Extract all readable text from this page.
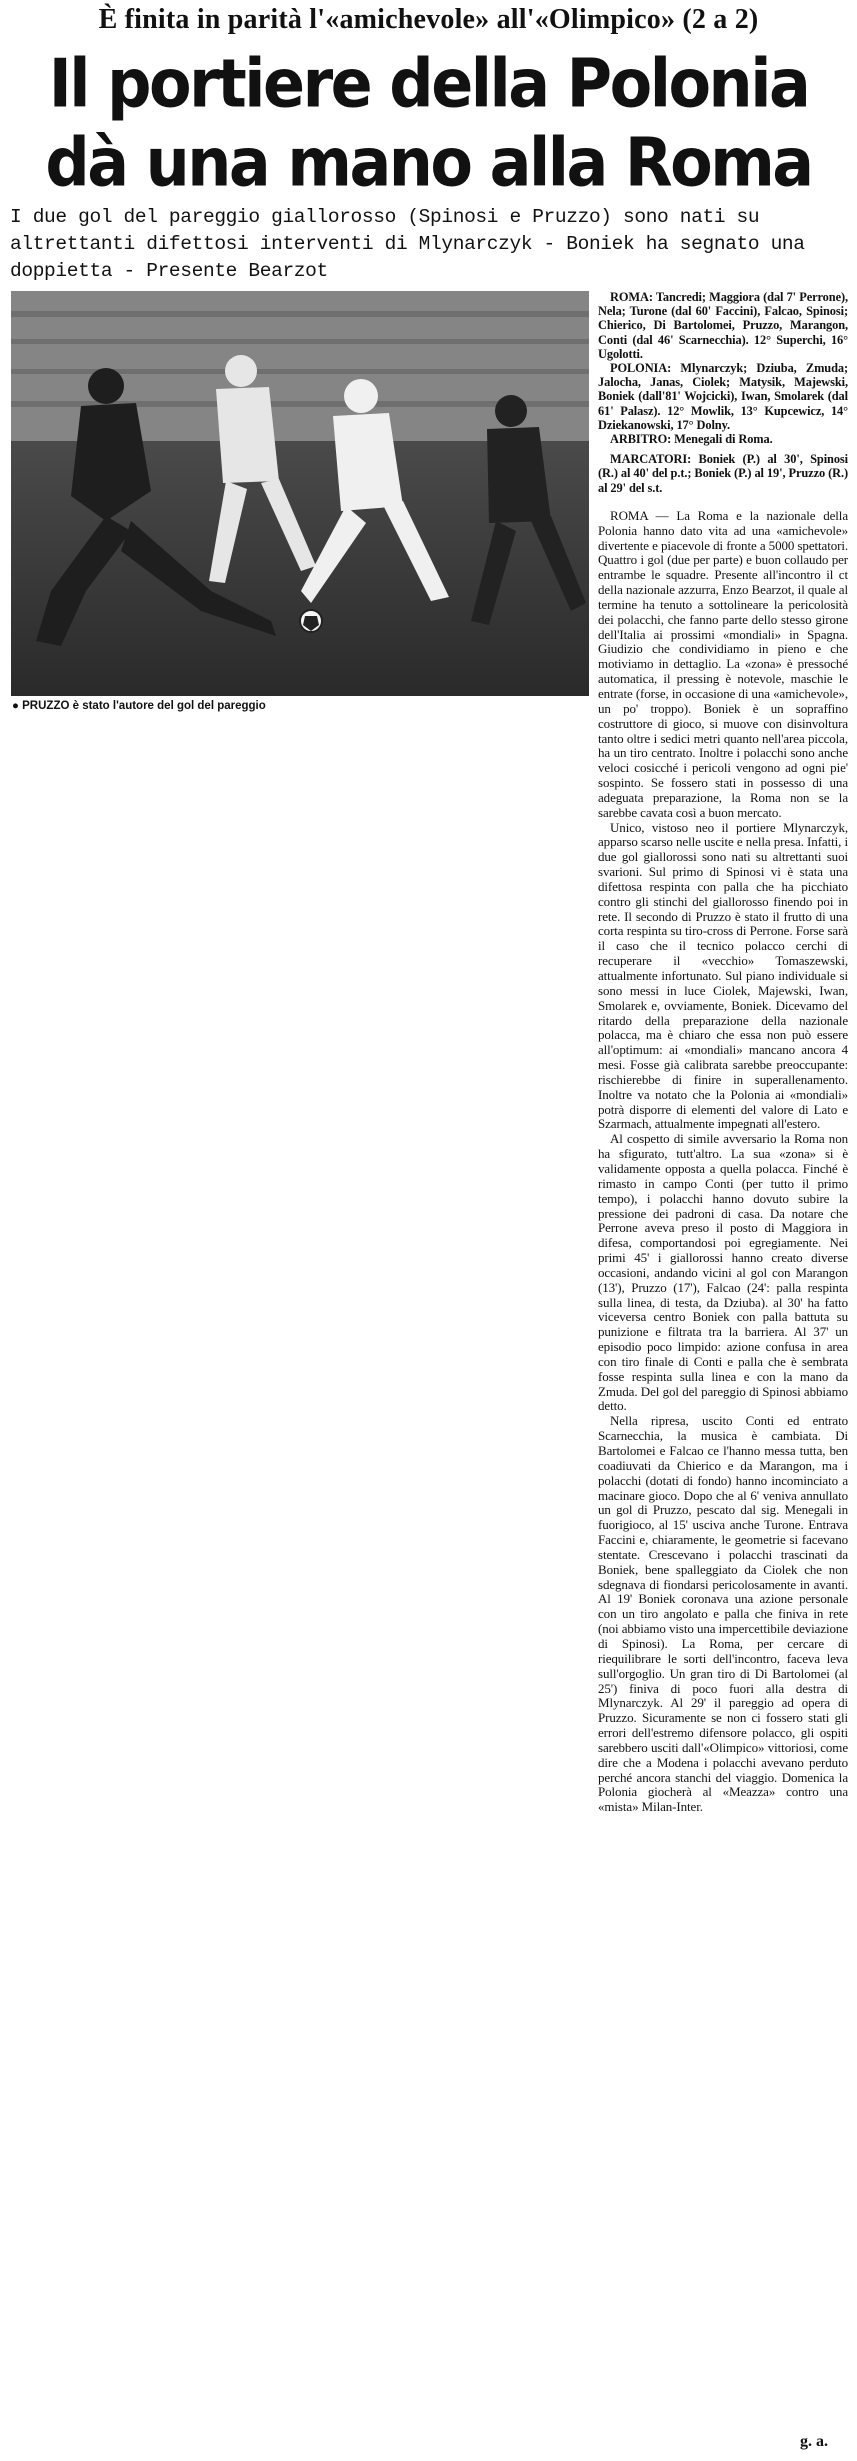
È finita in parità l'«amichevole» all'«Olimpico» (2 a 2)
Il portiere della Polonia
dà una mano alla Roma
I due gol del pareggio giallorosso (Spinosi e Pruzzo) sono nati su altrettanti difettosi interventi di Mlynarczyk - Boniek ha segnato una doppietta - Presente Bearzot
● PRUZZO è stato l'autore del gol del pareggio

ROMA: Tancredi; Maggiora (dal 7' Perrone), Nela; Turone (dal 60' Faccini), Falcao, Spinosi; Chierico, Di Bartolomei, Pruzzo, Marangon, Conti (dal 46' Scarnecchia). 12° Superchi, 16° Ugolotti.

POLONIA: Mlynarczyk; Dziuba, Zmuda; Jalocha, Janas, Ciolek; Matysik, Majewski, Boniek (dall'81' Wojcicki), Iwan, Smolarek (dal 61' Palasz). 12° Mowlik, 13° Kupcewicz, 14° Dziekanowski, 17° Dolny.

ARBITRO: Menegali di Roma.

MARCATORI: Boniek (P.) al 30', Spinosi (R.) al 40' del p.t.; Boniek (P.) al 19', Pruzzo (R.) al 29' del s.t.

ROMA — La Roma e la nazionale della Polonia hanno dato vita ad una «amichevole» divertente e piacevole di fronte a 5000 spettatori. Quattro i gol (due per parte) e buon collaudo per entrambe le squadre. Presente all'incontro il ct della nazionale azzurra, Enzo Bearzot, il quale al termine ha tenuto a sottolineare la pericolosità dei polacchi, che fanno parte dello stesso girone dell'Italia ai prossimi «mondiali» in Spagna. Giudizio che condividiamo in pieno e che motiviamo in dettaglio. La «zona» è pressoché automatica, il pressing è notevole, maschie le entrate (forse, in occasione di una «amichevole», un po' troppo). Boniek è un sopraffino costruttore di gioco, si muove con disinvoltura tanto oltre i sedici metri quanto nell'area piccola, ha un tiro centrato. Inoltre i polacchi sono anche veloci cosicché i pericoli vengono ad ogni pie' sospinto. Se fossero stati in possesso di una adeguata preparazione, la Roma non se la sarebbe cavata così a buon mercato.

Unico, vistoso neo il portiere Mlynarczyk, apparso scarso nelle uscite e nella presa. Infatti, i due gol giallorossi sono nati su altrettanti suoi svarioni. Sul primo di Spinosi vi è stata una difettosa respinta con palla che ha picchiato contro gli stinchi del giallorosso finendo poi in rete. Il secondo di Pruzzo è stato il frutto di una corta respinta su tiro-cross di Perrone. Forse sarà il caso che il tecnico polacco cerchi di recuperare il «vecchio» Tomaszewski, attualmente infortunato. Sul piano individuale si sono messi in luce Ciolek, Majewski, Iwan, Smolarek e, ovviamente, Boniek. Dicevamo del ritardo della preparazione della nazionale polacca, ma è chiaro che essa non può essere all'optimum: ai «mondiali» mancano ancora 4 mesi. Fosse già calibrata sarebbe preoccupante: rischierebbe di finire in superallenamento. Inoltre va notato che la Polonia ai «mondiali» potrà disporre di elementi del valore di Lato e Szarmach, attualmente impegnati all'estero.

Al cospetto di simile avversario la Roma non ha sfigurato, tutt'altro. La sua «zona» si è validamente opposta a quella polacca. Finché è rimasto in campo Conti (per tutto il primo tempo), i polacchi hanno dovuto subire la pressione dei padroni di casa. Da notare che Perrone aveva preso il posto di Maggiora in difesa, comportandosi poi egregiamente. Nei primi 45' i giallorossi hanno creato diverse occasioni, andando vicini al gol con Marangon (13'), Pruzzo (17'), Falcao (24': palla respinta sulla linea, di testa, da Dziuba). al 30' ha fatto viceversa centro Boniek con palla battuta su punizione e filtrata tra la barriera. Al 37' un episodio poco limpido: azione confusa in area con tiro finale di Conti e palla che è sembrata fosse respinta sulla linea e con la mano da Zmuda. Del gol del pareggio di Spinosi abbiamo detto.

Nella ripresa, uscito Conti ed entrato Scarnecchia, la musica è cambiata. Di Bartolomei e Falcao ce l'hanno messa tutta, ben coadiuvati da Chierico e da Marangon, ma i polacchi (dotati di fondo) hanno incominciato a macinare gioco. Dopo che al 6' veniva annullato un gol di Pruzzo, pescato dal sig. Menegali in fuorigioco, al 15' usciva anche Turone. Entrava Faccini e, chiaramente, le geometrie si facevano stentate. Crescevano i polacchi trascinati da Boniek, bene spalleggiato da Ciolek che non sdegnava di fiondarsi pericolosamente in avanti. Al 19' Boniek coronava una azione personale con un tiro angolato e palla che finiva in rete (noi abbiamo visto una impercettibile deviazione di Spinosi). La Roma, per cercare di riequilibrare le sorti dell'incontro, faceva leva sull'orgoglio. Un gran tiro di Di Bartolomei (al 25') finiva di poco fuori alla destra di Mlynarczyk. Al 29' il pareggio ad opera di Pruzzo. Sicuramente se non ci fossero stati gli errori dell'estremo difensore polacco, gli ospiti sarebbero usciti dall'«Olimpico» vittoriosi, come dire che a Modena i polacchi avevano perduto perché ancora stanchi del viaggio. Domenica la Polonia giocherà al «Meazza» contro una «mista» Milan-Inter.

g. a.
